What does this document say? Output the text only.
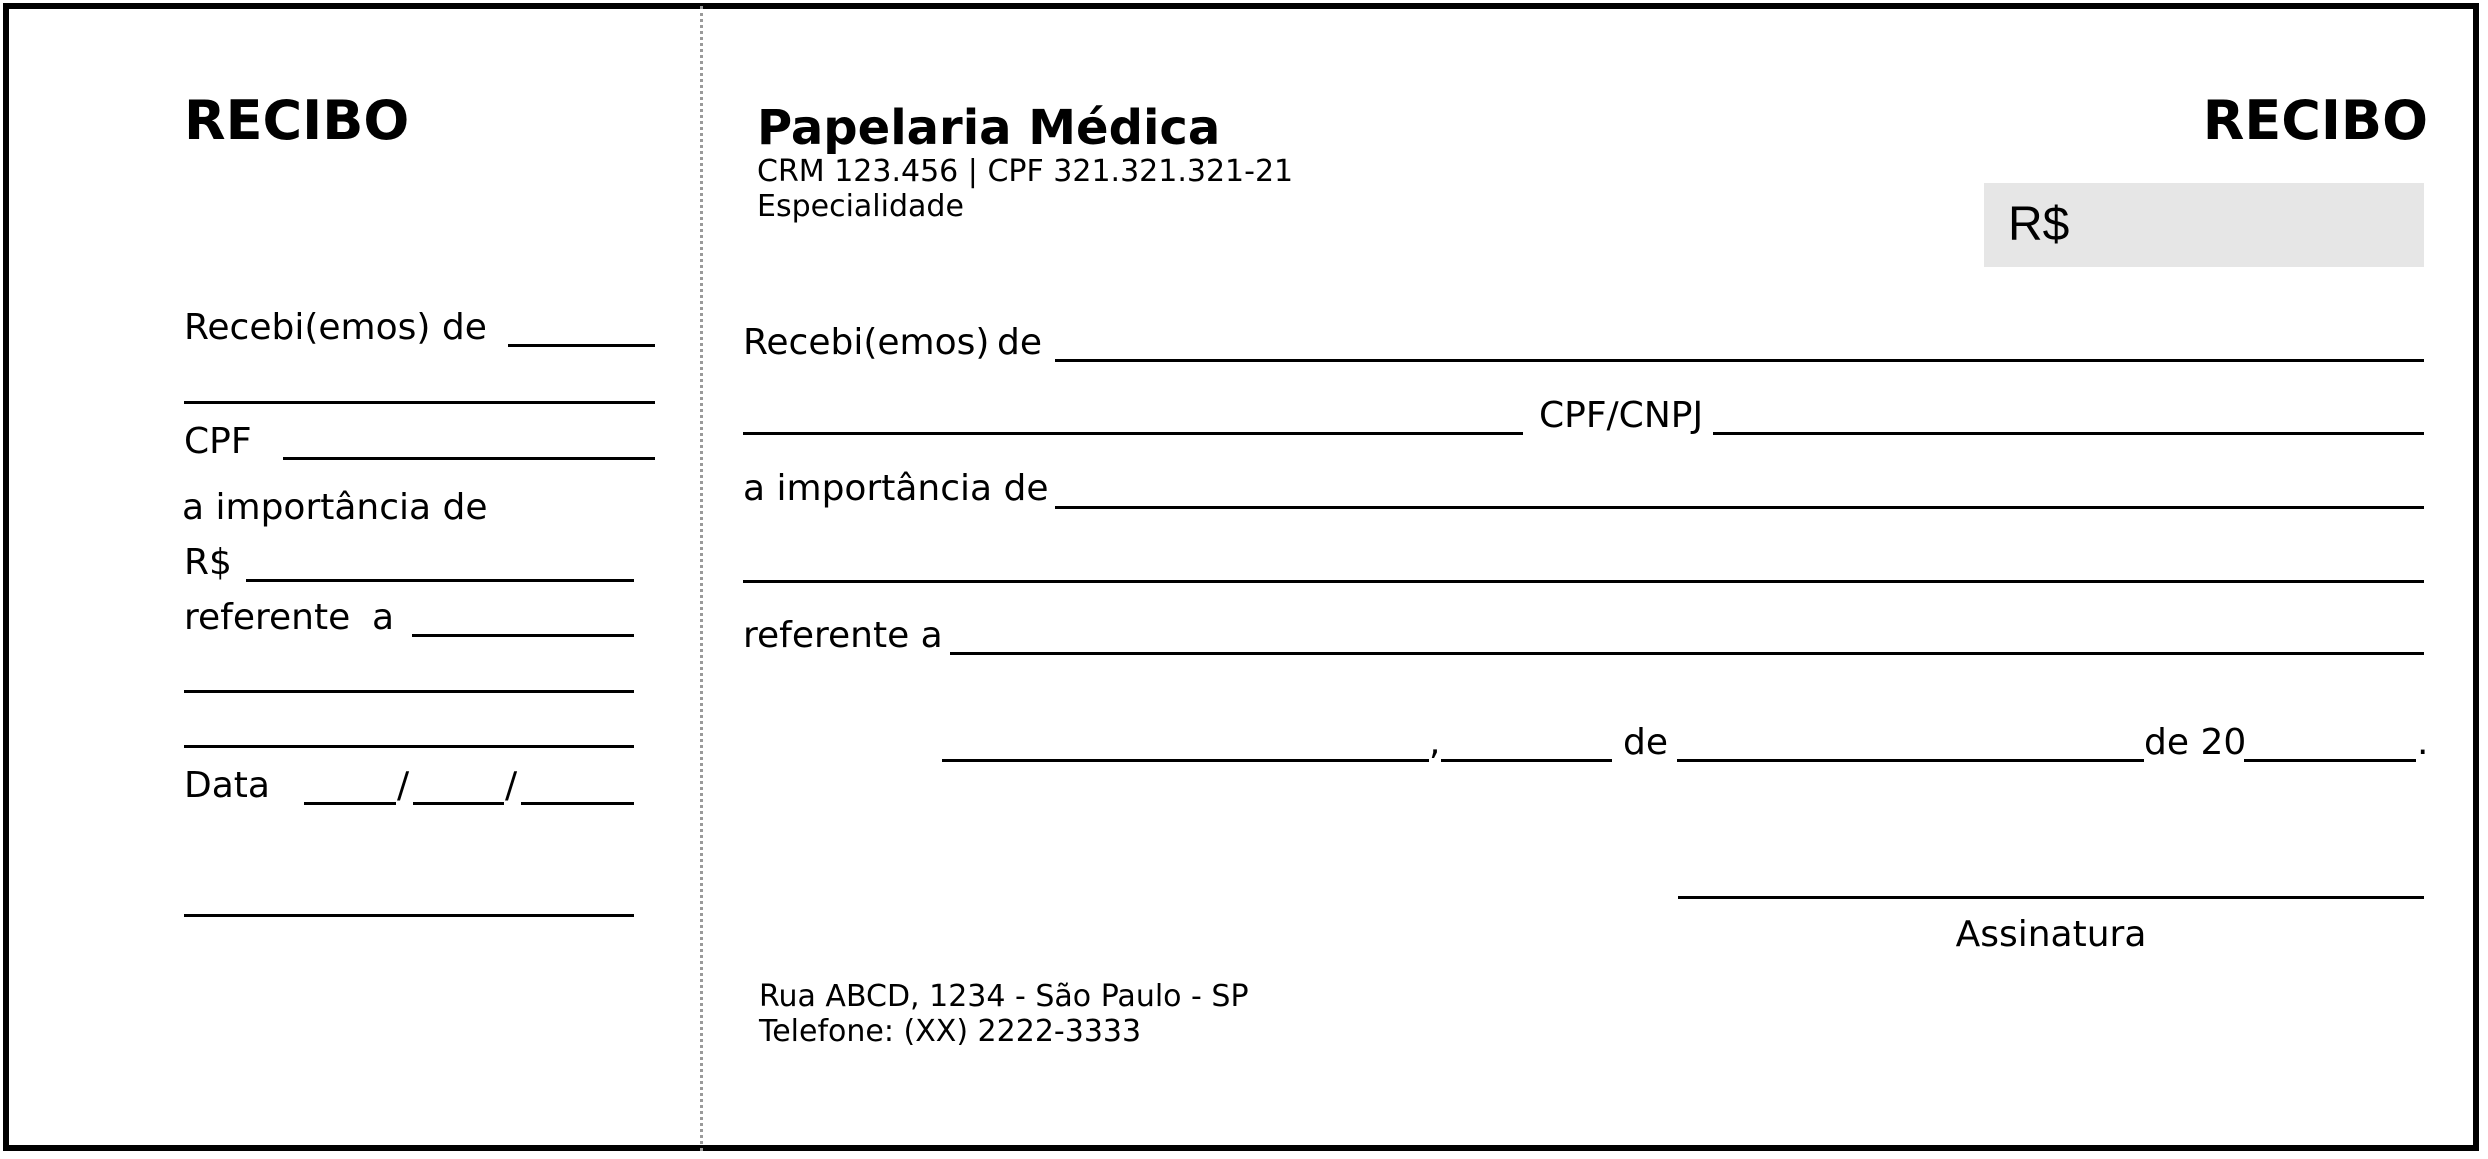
RECIBO
Recebi(emos) de
CPF
a importância de
R$
referente a
Data	/	/
Papelaria Médica
CRM 123.456 | CPF 321.321.321-21
Especialidade
RECIBO
R$
Recebi(emos) de
CPF/CNPJ
a importância de
referente a
,	de	de 20	.
Assinatura
Rua ABCD, 1234 - São Paulo - SP
Telefone: (XX) 2222-3333
